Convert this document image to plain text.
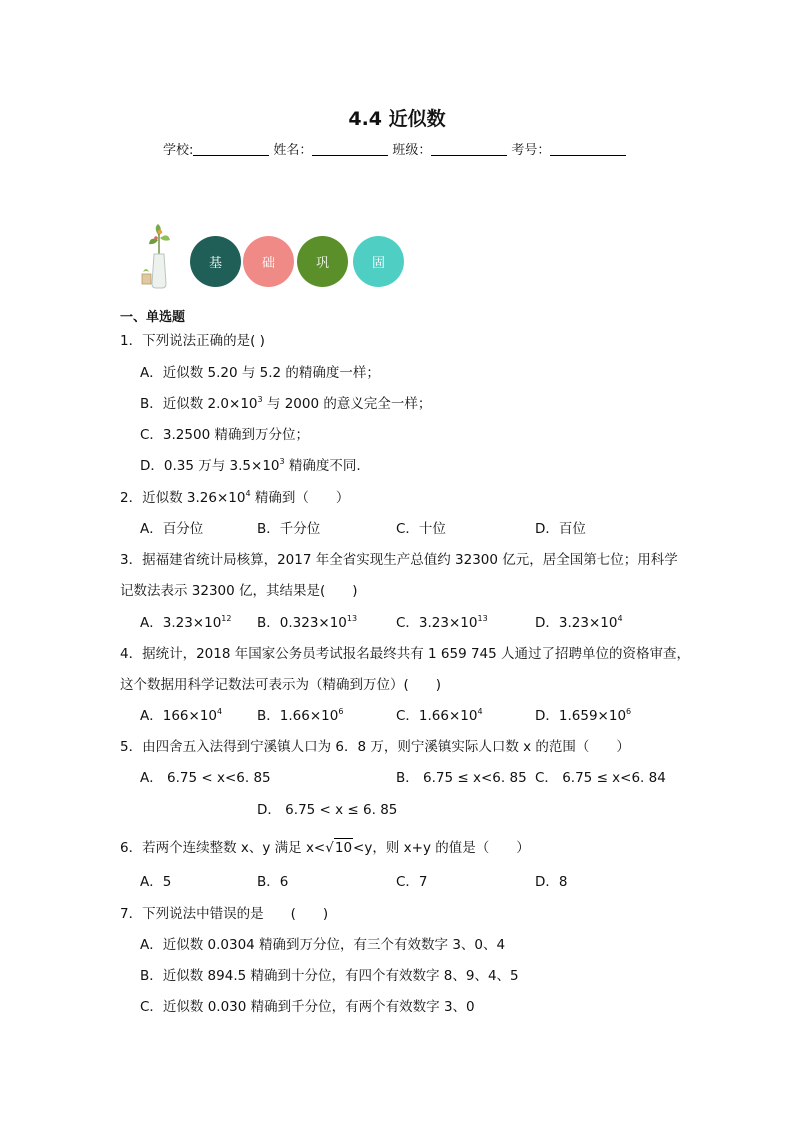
4.4 近似数
学校:	姓名：	班级：	考号：
基	础	巩	固
一、单选题
1．下列说法正确的是( )
A．近似数 5.20 与 5.2 的精确度一样；
B．近似数 $2.0\times 10^3$ 与 2000 的意义完全一样；
C．3.2500 精确到万分位；
D．0.35 万与 $3.5\times 10^3$ 精确度不同.
2．近似数 $3.26\times 10^4$ 精确到（　　）
A．百分位	B．千分位	C．十位	D．百位
3．据福建省统计局核算，2017 年全省实现生产总值约 32300 亿元，居全国第七位；用科学
记数法表示 32300 亿，其结果是(　　)
A．$3.23\times 10^{12}$ B．$0.323\times 10^{13}$	C．$3.23\times 10^{13}$	D．$3.23\times 10^4$
4．据统计，2018 年国家公务员考试报名最终共有 1 659 745 人通过了招聘单位的资格审查，
这个数据用科学记数法可表示为（精确到万位）(　　)
A．$166\times 10^4$	B．$1.66\times 10^6$	C．$1.66\times 10^4$	D．$1.659\times 10^6$
5．由四舍五入法得到宁溪镇人口为 6．8 万，则宁溪镇实际人口数 x 的范围（　　）
A． 6.75 < x<6. 85	B． 6.75 ≤ x<6. 85 C． 6.75 ≤ x<6. 84
D． 6.75 < x ≤ 6. 85
6．若两个连续整数 x、y 满足 x<√10<y，则 x+y 的值是（　　）
A．5	B．6	C．7	D．8
7．下列说法中错误的是　　(　　)
A．近似数 0.0304 精确到万分位，有三个有效数字 3、0、4
B．近似数 894.5 精确到十分位，有四个有效数字 8、9、4、5
C．近似数 0.030 精确到千分位，有两个有效数字 3、0
